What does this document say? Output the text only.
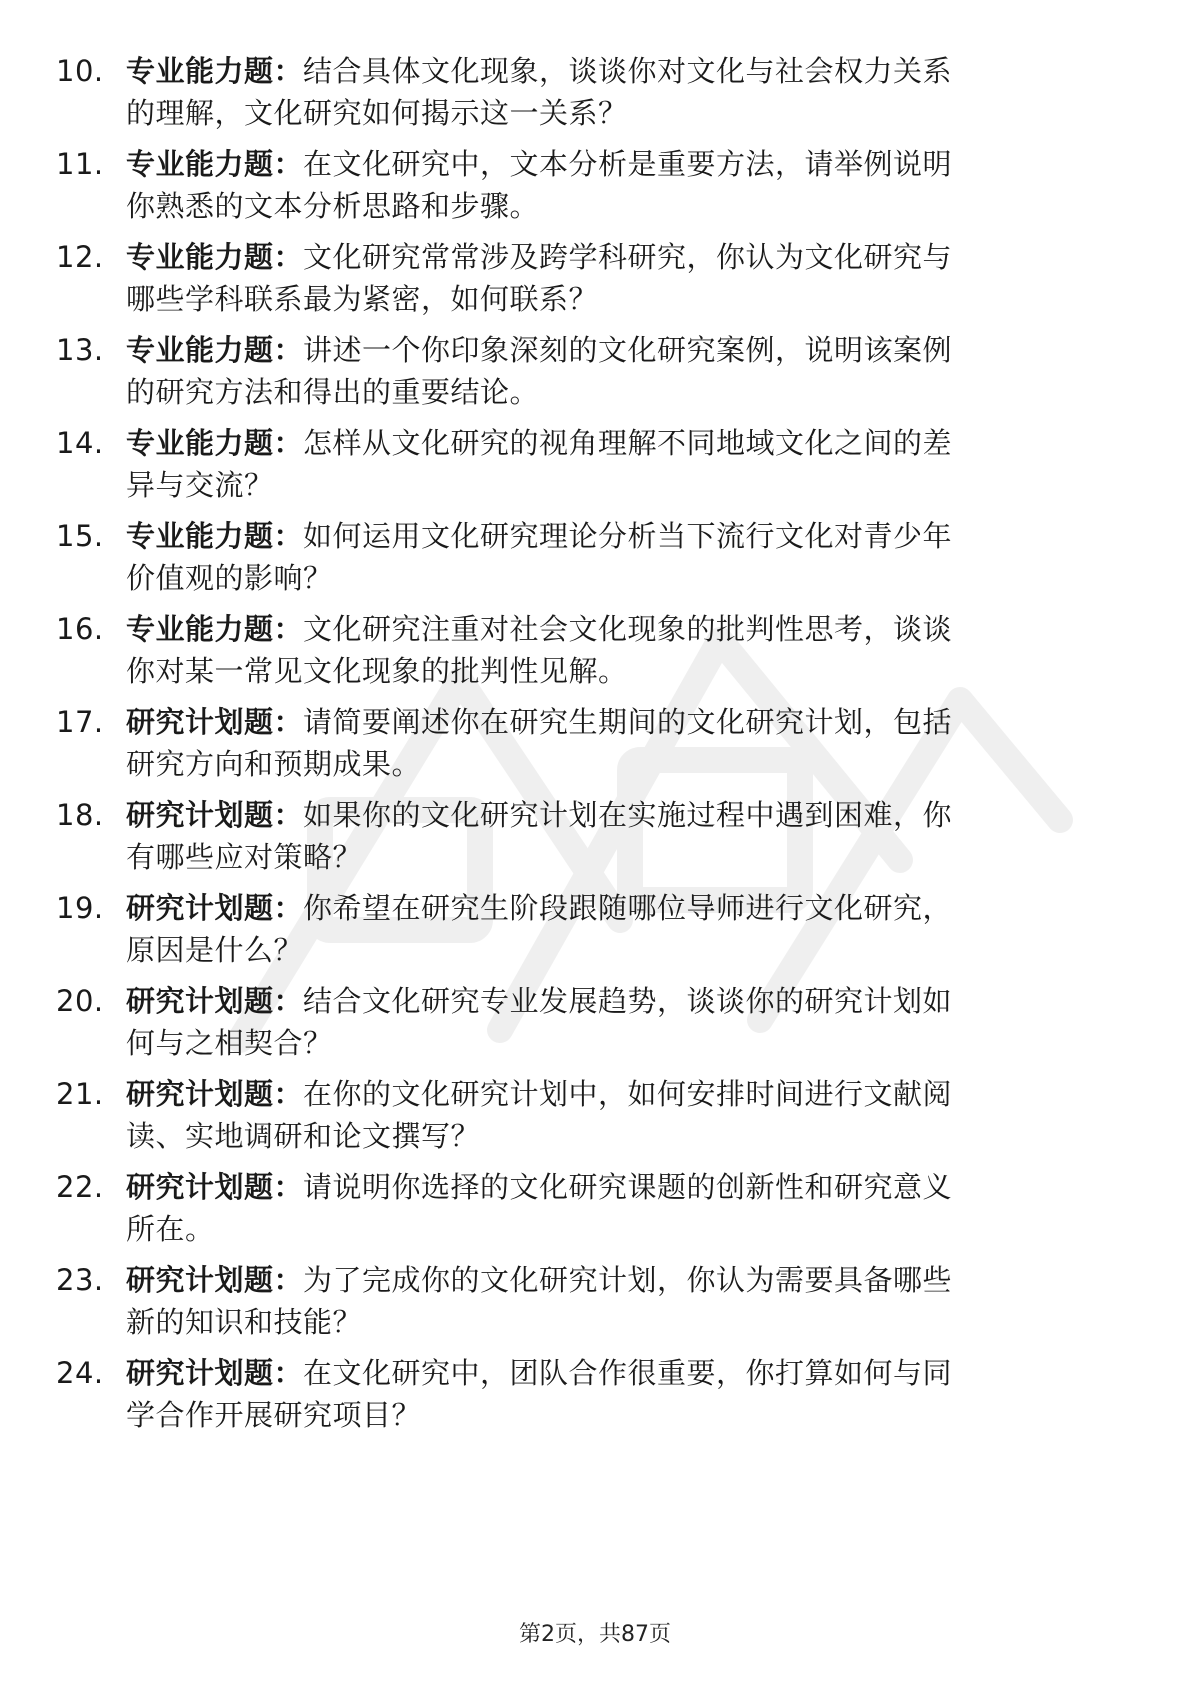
10. 专业能力题：结合具体文化现象，谈谈你对文化与社会权力关系
的理解，文化研究如何揭示这一关系？
11. 专业能力题：在文化研究中，文本分析是重要方法，请举例说明
你熟悉的文本分析思路和步骤。
12. 专业能力题：文化研究常常涉及跨学科研究，你认为文化研究与
哪些学科联系最为紧密，如何联系？
13. 专业能力题：讲述一个你印象深刻的文化研究案例，说明该案例
的研究方法和得出的重要结论。
14. 专业能力题：怎样从文化研究的视角理解不同地域文化之间的差
异与交流？
15. 专业能力题：如何运用文化研究理论分析当下流行文化对青少年
价值观的影响？
16. 专业能力题：文化研究注重对社会文化现象的批判性思考，谈谈
你对某一常见文化现象的批判性见解。
17. 研究计划题：请简要阐述你在研究生期间的文化研究计划，包括
研究方向和预期成果。
18. 研究计划题：如果你的文化研究计划在实施过程中遇到困难，你
有哪些应对策略？
19. 研究计划题：你希望在研究生阶段跟随哪位导师进行文化研究，
原因是什么？
20. 研究计划题：结合文化研究专业发展趋势，谈谈你的研究计划如
何与之相契合？
21. 研究计划题：在你的文化研究计划中，如何安排时间进行文献阅
读、实地调研和论文撰写？
22. 研究计划题：请说明你选择的文化研究课题的创新性和研究意义
所在。
23. 研究计划题：为了完成你的文化研究计划，你认为需要具备哪些
新的知识和技能？
24. 研究计划题：在文化研究中，团队合作很重要，你打算如何与同
学合作开展研究项目？
第2页，共87页
